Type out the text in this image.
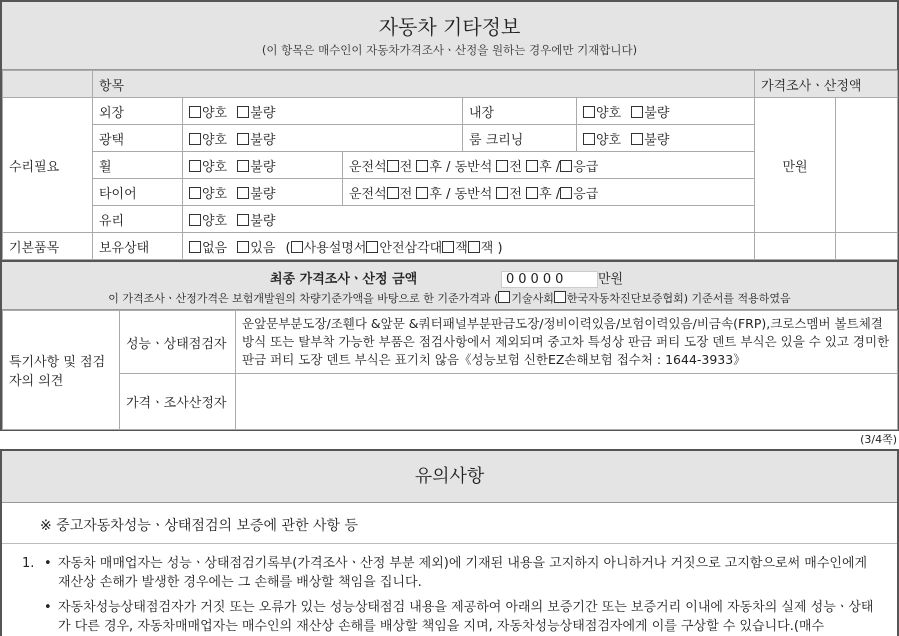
자동차 기타정보
(이 항목은 매수인이 자동차가격조사ㆍ산정을 원하는 경우에만 기재합니다)
	항목					가격조사ㆍ산정액	
수리필요	외장	양호 불량		내장	양호 불량	만원	
	광택	양호 불량		룸 크리닝	양호 불량		
	휠	양호 불량	운전석 전 후 / 동반석 전 후 / 응급				
	타이어	양호 불량	운전석 전 후 / 동반석 전 후 / 응급				
	유리	양호 불량					
기본품목	보유상태	없음 있음 ( 사용설명서 안전삼각대 잭 잭 )					
최종 가격조사ㆍ산정 금액	00000 만원
이 가격조사ㆍ산정가격은 보험개발원의 차량기준가액을 바탕으로 한 기준가격과 ( 기술사회 한국자동차진단보증협회) 기준서를 적용하였음
특기사항 및 점검자의 의견	성능ㆍ상태점검자	운앞문부분도장/조휀다 &앞문 &쿼터패널부분판금도장/정비이력있음/보험이력있음/비금속(FRP),크로스멤버 볼트체결방식 또는 탈부착 가능한 부품은 점검사항에서 제외되며 중고차 특성상 판금 퍼티 도장 덴트 부식은 있을 수 있고 경미한 판금 퍼티 도장 덴트 부식은 표기치 않음《성능보험 신한EZ손해보험 접수처 : 1644-3933》
	가격ㆍ조사산정자	
(3/4쪽)
유의사항
※ 중고자동차성능ㆍ상태점검의 보증에 관한 사항 등
1. • 자동차 매매업자는 성능ㆍ상태점검기록부(가격조사ㆍ산정 부분 제외)에 기재된 내용을 고지하지 아니하거나 거짓으로 고지함으로써 매수인에게 재산상 손해가 발생한 경우에는 그 손해를 배상할 책임을 집니다.
• 자동차성능상태점검자가 거짓 또는 오류가 있는 성능상태점검 내용을 제공하여 아래의 보증기간 또는 보증거리 이내에 자동차의 실제 성능ㆍ상태가 다른 경우, 자동차매매업자는 매수인의 재산상 손해를 배상할 책임을 지며, 자동차성능상태점검자에게 이를 구상할 수 있습니다.(매수
